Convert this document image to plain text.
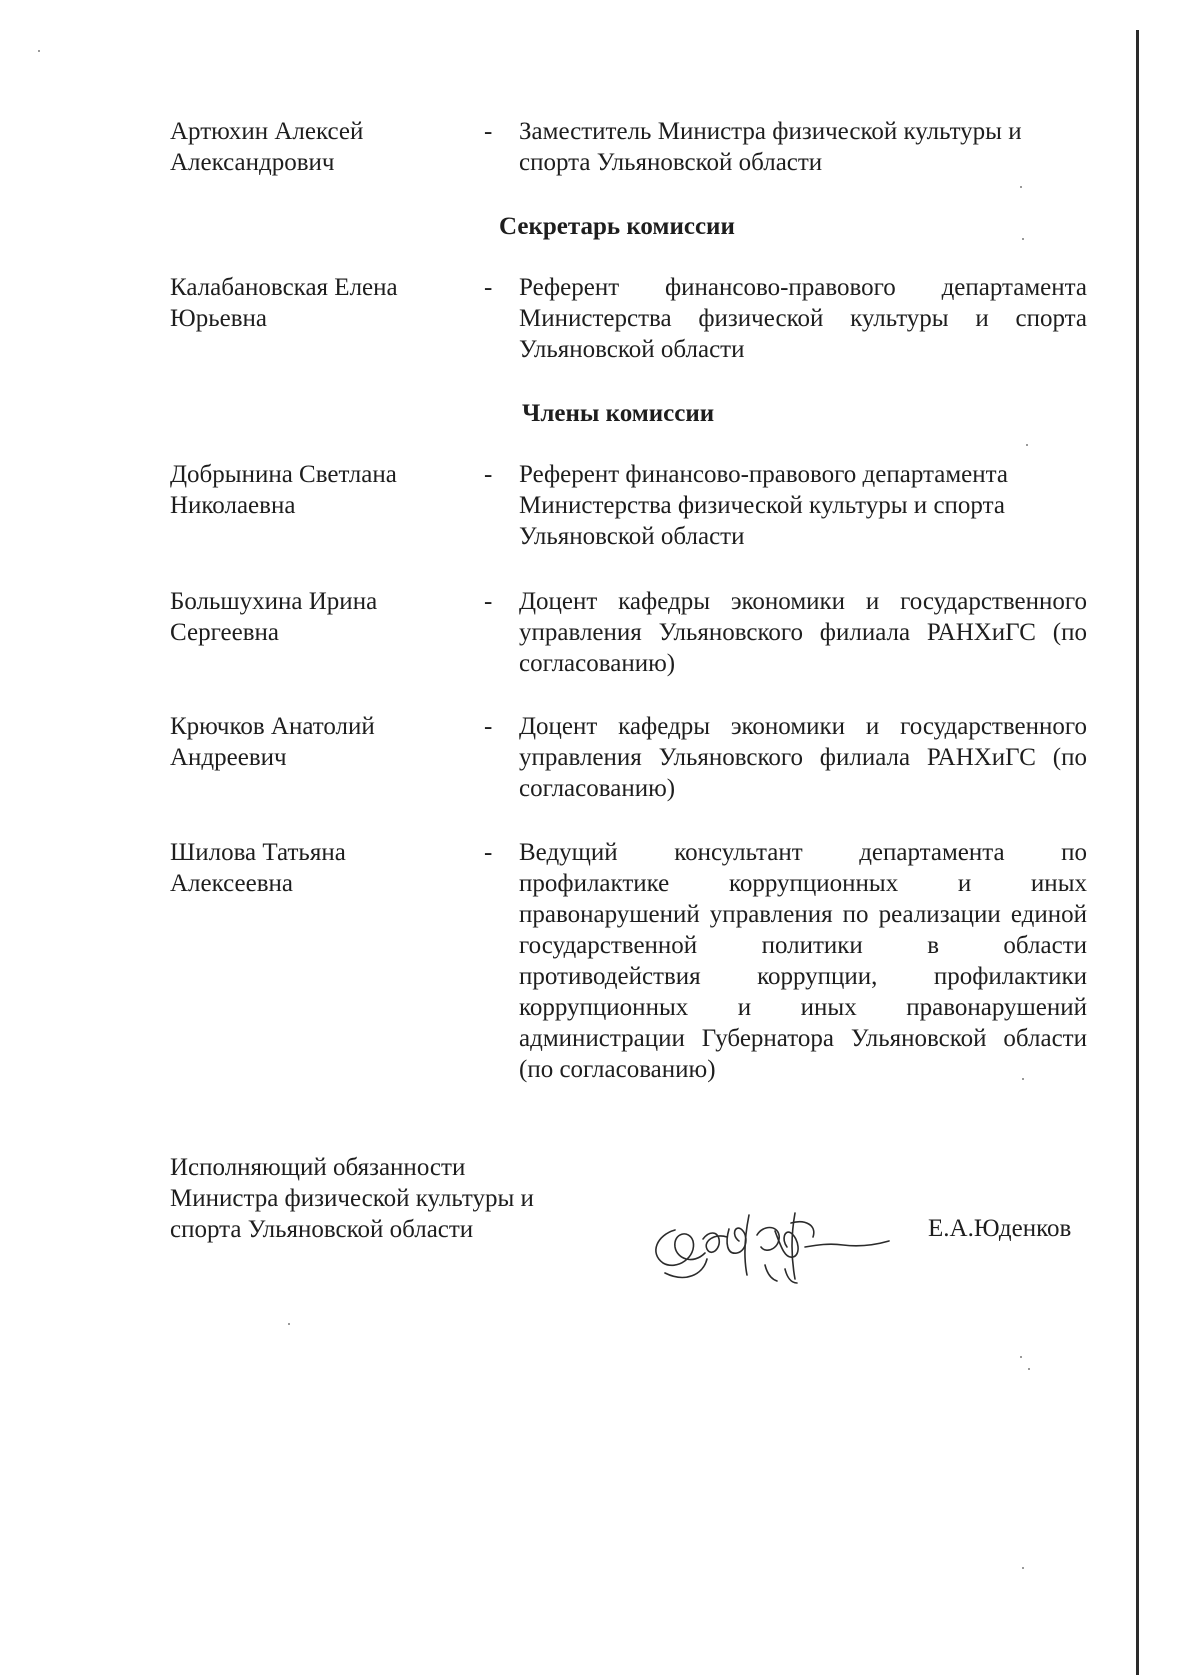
Артюхин Алексей Александрович
- Заместитель Министра физической культуры и спорта Ульяновской области
Секретарь комиссии
Калабановская Елена Юрьевна
- Референт финансово-правового департамента Министерства физической культуры и спорта Ульяновской области
Члены комиссии
Добрынина Светлана Николаевна
- Референт финансово-правового департамента Министерства физической культуры и спорта Ульяновской области
Большухина Ирина Сергеевна
- Доцент кафедры экономики и государственного управления Ульяновского филиала РАНХиГС (по согласованию)
Крючков Анатолий Андреевич
- Доцент кафедры экономики и государственного управления Ульяновского филиала РАНХиГС (по согласованию)
Шилова Татьяна Алексеевна
- Ведущий консультант департамента по профилактике коррупционных и иных правонарушений управления по реализации единой государственной политики в области противодействия коррупции, профилактики коррупционных и иных правонарушений администрации Губернатора Ульяновской области (по согласованию)
Исполняющий обязанности
Министра физической культуры и
спорта Ульяновской области	Е.А.Юденков
